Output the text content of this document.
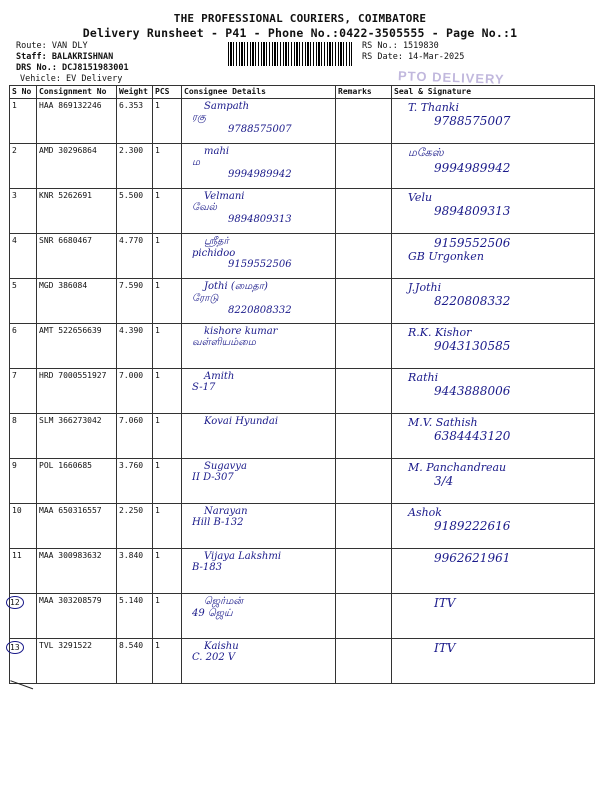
THE PROFESSIONAL COURIERS, COIMBATORE
Delivery Runsheet - P41 - Phone No.:0422-3505555 - Page No.:1
Route: VAN DLY
Staff: BALAKRISHNAN
DRS No.: DCJ8151983001
Vehicle: EV Delivery
RS No.: 1519830
RS Date: 14-Mar-2025
PTO DELIVERY
S No	Consignment No	Weight	PCS	Consignee Details	Remarks	Seal & Signature
1	HAA 869132246	6.353	1	Sampath
ரகு
9788575007		T. Thanki
9788575007

2	AMD 30296864	2.300	1	mahi
ம
9994989942		மகேஸ்
9994989942

3	KNR 5262691	5.500	1	Velmani
வேல்
9894809313		Velu
9894809313

4	SNR 6680467	4.770	1	ஸ்ரீதர்
pichidoo
9159552506		9159552506
GB Urgonken

5	MGD 386084	7.590	1	Jothi (மைதா)
ரோடு
8220808332		J.Jothi
8220808332

6	AMT 522656639	4.390	1	kishore kumar
வள்ளியம்மை		R.K. Kishor
9043130585

7	HRD 7000551927	7.000	1	Amith
S-17		Rathi
9443888006

8	SLM 366273042	7.060	1	Kovai Hyundai		M.V. Sathish
6384443120

9	POL 1660685	3.760	1	Sugavya
II D-307		M. Panchandreau
3/4

10	MAA 650316557	2.250	1	Narayan
Hill B-132		Ashok
9189222616

11	MAA 300983632	3.840	1	Vijaya Lakshmi
B-183		9962621961

12	MAA 303208579	5.140	1	ஜெர்மன்
49 ஜெய்		ITV

13	TVL 3291522	8.540	1	Kaishu
C. 202 V		ITV
